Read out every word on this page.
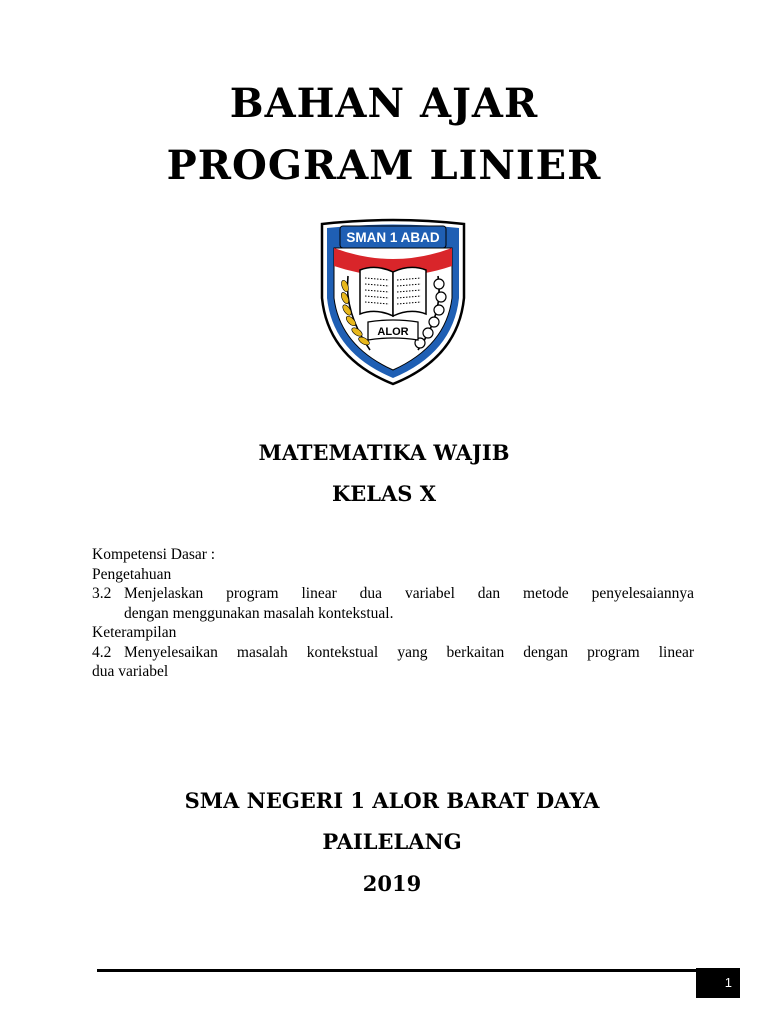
BAHAN AJAR
PROGRAM LINIER
SMAN 1 ABAD
ALOR
MATEMATIKA WAJIB
KELAS X
Kompetensi Dasar :
Pengetahuan
3.2 Menjelaskan program linear dua variabel dan metode penyelesaiannya
dengan menggunakan masalah kontekstual.
Keterampilan
4.2 Menyelesaikan masalah kontekstual yang berkaitan dengan program linear
dua variabel
SMA NEGERI 1 ALOR BARAT DAYA
PAILELANG
2019
1
